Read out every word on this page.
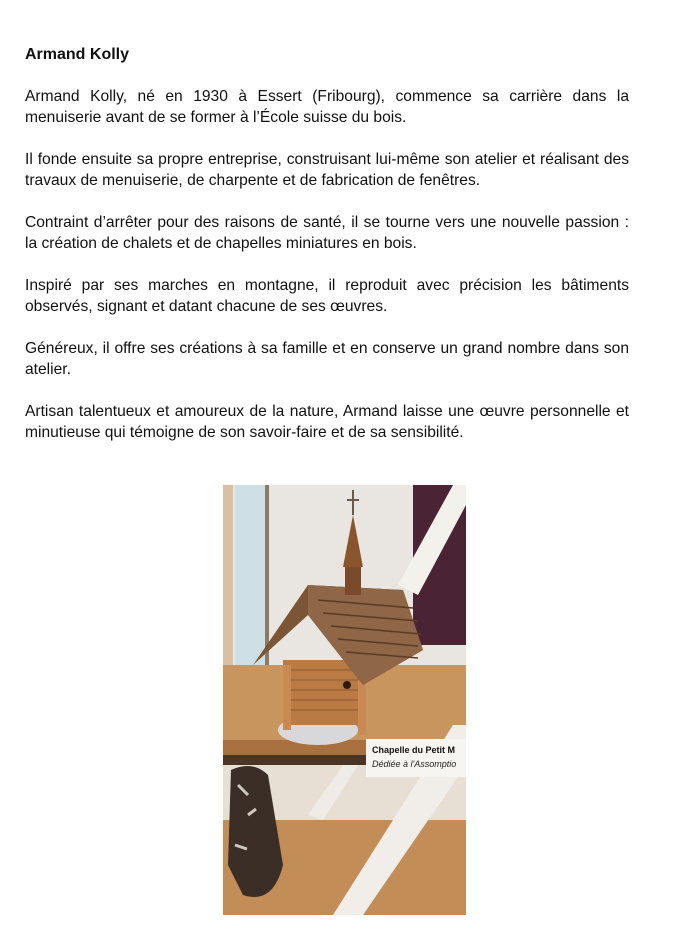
Armand Kolly

Armand Kolly, né en 1930 à Essert (Fribourg), commence sa carrière dans la menuiserie avant de se former à l’École suisse du bois.

Il fonde ensuite sa propre entreprise, construisant lui-même son atelier et réalisant des travaux de menuiserie, de charpente et de fabrication de fenêtres.

Contraint d’arrêter pour des raisons de santé, il se tourne vers une nouvelle passion : la création de chalets et de chapelles miniatures en bois.

Inspiré par ses marches en montagne, il reproduit avec précision les bâtiments observés, signant et datant chacune de ses œuvres.

Généreux, il offre ses créations à sa famille et en conserve un grand nombre dans son atelier.

Artisan talentueux et amoureux de la nature, Armand laisse une œuvre personnelle et minutieuse qui témoigne de son savoir-faire et de sa sensibilité.

Chapelle du Petit M
Dédiée à l'Assomptio
